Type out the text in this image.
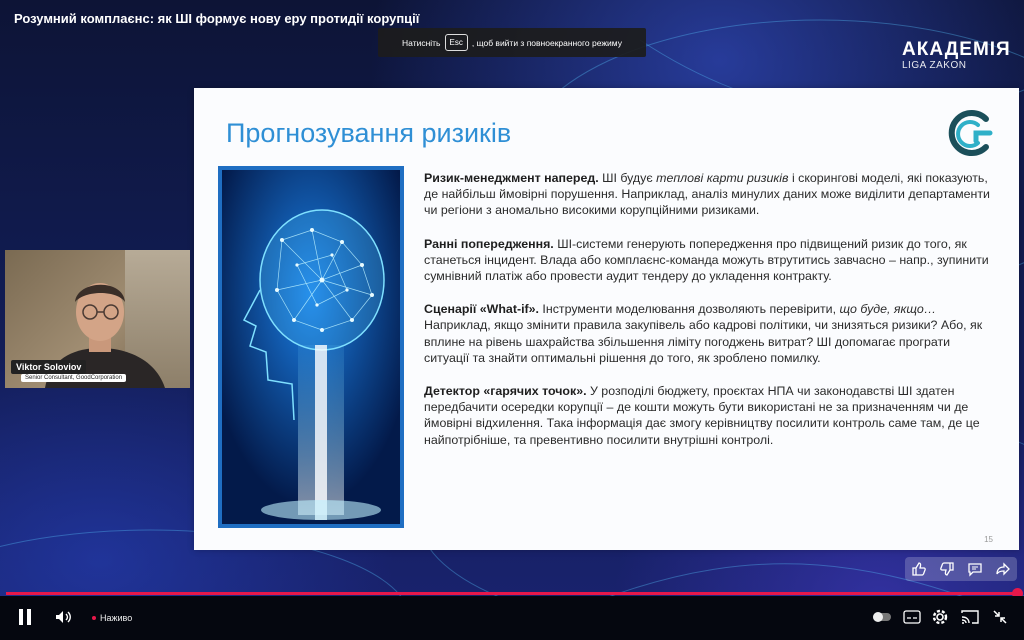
Розумний комплаєнс: як ШІ формує нову еру протидії корупції
Натисніть	Esc	, щоб вийти з повноекранного режиму	АКАДЕМІЯ
LIGA ZAKON
Прогнозування ризиків

Ризик-менеджмент наперед. ШІ будує теплові карти ризиків і скорингові моделі, які показують, де найбільш ймовірні порушення. Наприклад, аналіз минулих даних може виділити департаменти чи регіони з аномально високими корупційними ризиками.

Ранні попередження. ШІ-системи генерують попередження про підвищений ризик до того, як станеться інцидент. Влада або комплаєнс-команда можуть втрутитись завчасно – напр., зупинити сумнівний платіж або провести аудит тендеру до укладення контракту.

Сценарії «What-if». Інструменти моделювання дозволяють перевірити, що буде, якщо… Наприклад, якщо змінити правила закупівель або кадрові політики, чи знизяться ризики? Або, як вплине на рівень шахрайства збільшення ліміту погоджень витрат? ШІ допомагає програти ситуації та знайти оптимальні рішення до того, як зроблено помилку.

Детектор «гарячих точок». У розподілі бюджету, проєктах НПА чи законодавстві ШІ здатен передбачити осередки корупції – де кошти можуть бути використані не за призначенням чи де ймовірні відхилення. Така інформація дає змогу керівництву посилити контроль саме там, де це найпотрібніше, та превентивно посилити внутрішні контролі.

15
Viktor Soloviov
Senior Consultant, GoodCorporation
Наживо
